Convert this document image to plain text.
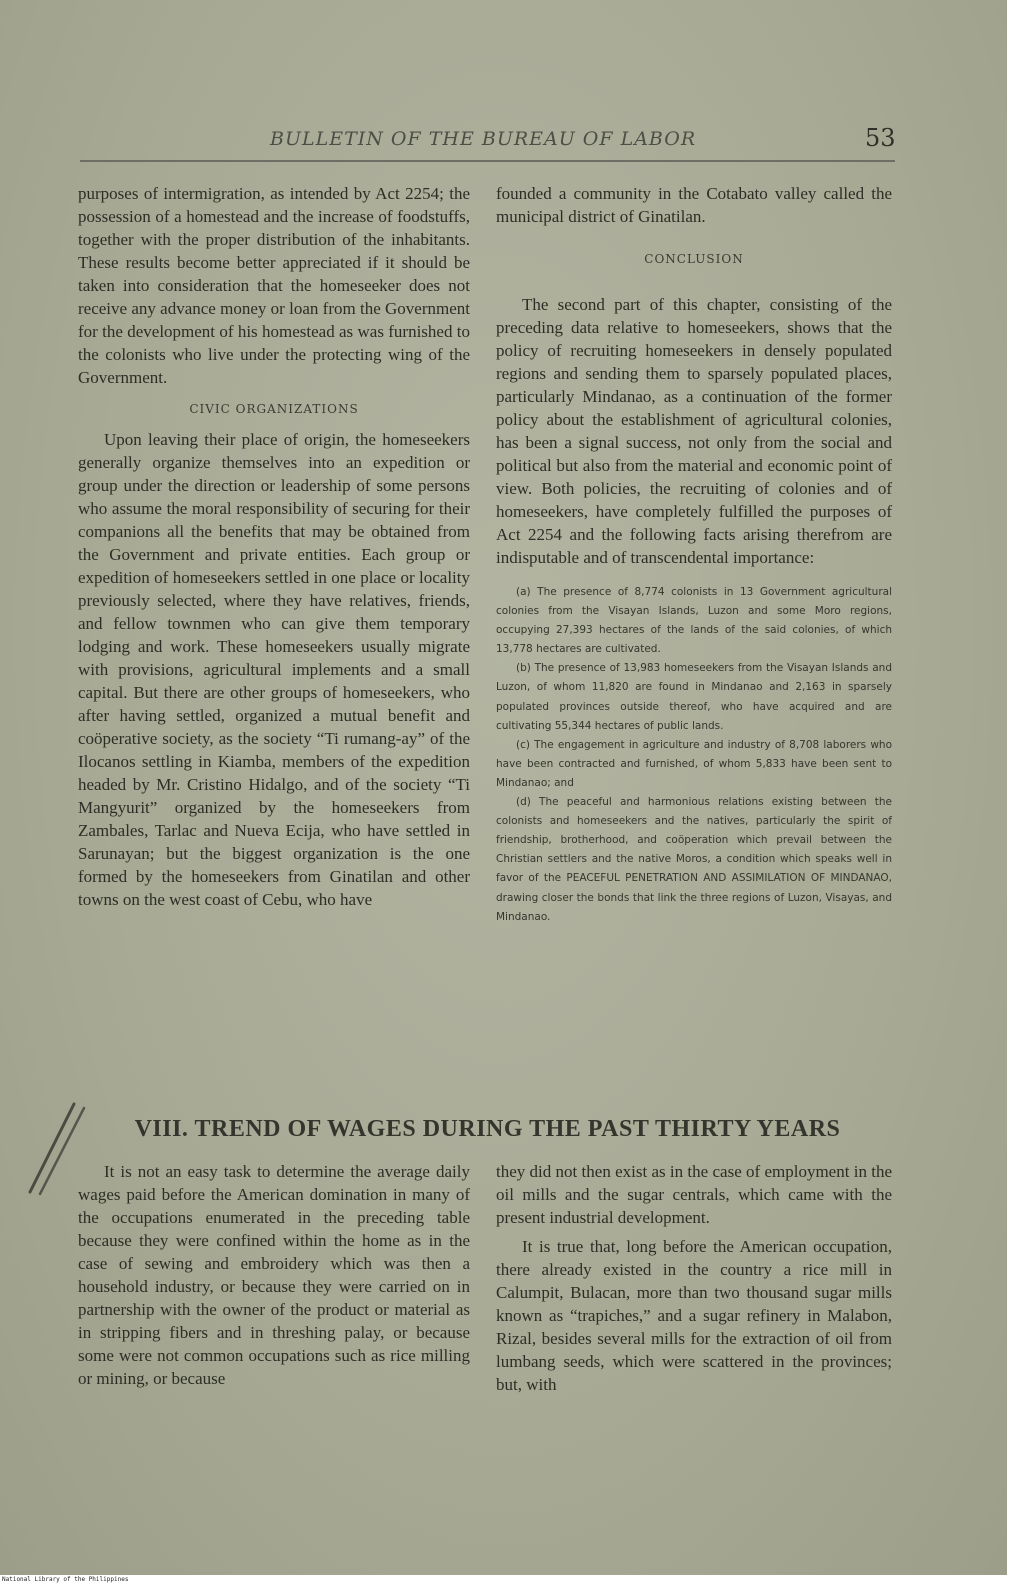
BULLETIN OF THE BUREAU OF LABOR	53

purposes of intermigration, as intended by Act 2254; the possession of a homestead and the increase of foodstuffs, together with the proper distribution of the inhabitants. These results become better appreciated if it should be taken into consideration that the homeseeker does not receive any advance money or loan from the Government for the development of his homestead as was furnished to the colonists who live under the protecting wing of the Government.

CIVIC ORGANIZATIONS

Upon leaving their place of origin, the homeseekers generally organize themselves into an expedition or group under the direction or leadership of some persons who assume the moral responsibility of securing for their companions all the benefits that may be obtained from the Government and private entities. Each group or expedition of homeseekers settled in one place or locality previously selected, where they have relatives, friends, and fellow townmen who can give them temporary lodging and work. These homeseekers usually migrate with provisions, agricultural implements and a small capital. But there are other groups of homeseekers, who after having settled, organized a mutual benefit and coöperative society, as the society “Ti rumang-ay” of the Ilocanos settling in Kiamba, members of the expedition headed by Mr. Cristino Hidalgo, and of the society “Ti Mangyurit” organized by the homeseekers from Zambales, Tarlac and Nueva Ecija, who have settled in Sarunayan; but the biggest organization is the one formed by the homeseekers from Ginatilan and other towns on the west coast of Cebu, who have

founded a community in the Cotabato valley called the municipal district of Ginatilan.

CONCLUSION

The second part of this chapter, consisting of the preceding data relative to homeseekers, shows that the policy of recruiting homeseekers in densely populated regions and sending them to sparsely populated places, particularly Mindanao, as a continuation of the former policy about the establishment of agricultural colonies, has been a signal success, not only from the social and political but also from the material and economic point of view. Both policies, the recruiting of colonies and of homeseekers, have completely fulfilled the purposes of Act 2254 and the following facts arising therefrom are indisputable and of transcendental importance:

(a) The presence of 8,774 colonists in 13 Government agricultural colonies from the Visayan Islands, Luzon and some Moro regions, occupying 27,393 hectares of the lands of the said colonies, of which 13,778 hectares are cultivated.

(b) The presence of 13,983 homeseekers from the Visayan Islands and Luzon, of whom 11,820 are found in Mindanao and 2,163 in sparsely populated provinces outside thereof, who have acquired and are cultivating 55,344 hectares of public lands.

(c) The engagement in agriculture and industry of 8,708 laborers who have been contracted and furnished, of whom 5,833 have been sent to Mindanao; and

(d) The peaceful and harmonious relations existing between the colonists and homeseekers and the natives, particularly the spirit of friendship, brotherhood, and coöperation which prevail between the Christian settlers and the native Moros, a condition which speaks well in favor of the PEACEFUL PENETRATION AND ASSIMILATION OF MINDANAO, drawing closer the bonds that link the three regions of Luzon, Visayas, and Mindanao.

VIII. TREND OF WAGES DURING THE PAST THIRTY YEARS

It is not an easy task to determine the average daily wages paid before the American domination in many of the occupations enumerated in the preceding table because they were confined within the home as in the case of sewing and embroidery which was then a household industry, or because they were carried on in partnership with the owner of the product or material as in stripping fibers and in threshing palay, or because some were not common occupations such as rice milling or mining, or because

they did not then exist as in the case of employment in the oil mills and the sugar centrals, which came with the present industrial development.

It is true that, long before the American occupation, there already existed in the country a rice mill in Calumpit, Bulacan, more than two thousand sugar mills known as “trapiches,” and a sugar refinery in Malabon, Rizal, besides several mills for the extraction of oil from lumbang seeds, which were scattered in the provinces; but, with

National Library of the Philippines
